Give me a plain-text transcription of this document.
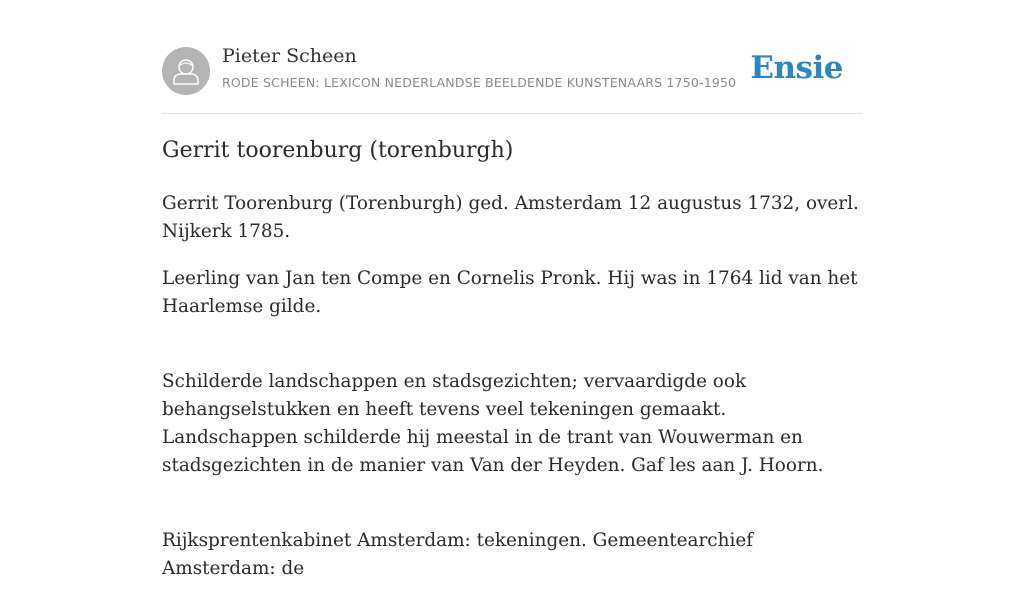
Pieter Scheen
RODE SCHEEN: LEXICON NEDERLANDSE BEELDENDE KUNSTENAARS 1750-1950 Ensie
Gerrit toorenburg (torenburgh)

Gerrit Toorenburg (Torenburgh) ged. Amsterdam 12 augustus 1732, overl. Nijkerk 1785.

Leerling van Jan ten Compe en Cornelis Pronk. Hij was in 1764 lid van het Haarlemse gilde.

Schilderde landschappen en stadsgezichten; vervaardigde ook behangselstukken en heeft tevens veel tekeningen gemaakt. Landschappen schilderde hij meestal in de trant van Wouwerman en stadsgezichten in de manier van Van der Heyden. Gaf les aan J. Hoorn.

Rijksprentenkabinet Amsterdam: tekeningen. Gemeentearchief Amsterdam: de
